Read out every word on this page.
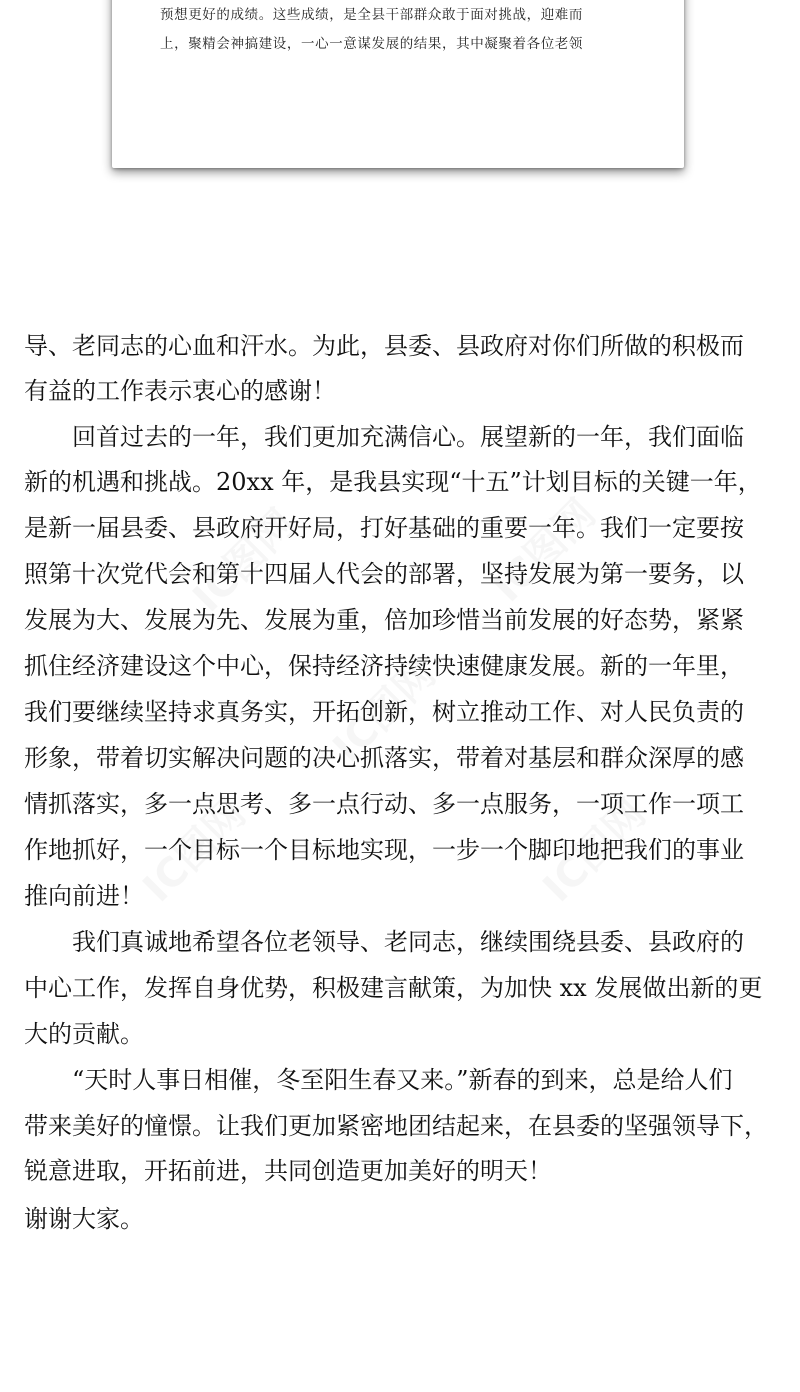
预想更好的成绩。这些成绩，是全县干部群众敢于面对挑战，迎难而
上，聚精会神搞建设，一心一意谋发展的结果，其中凝聚着各位老领
导、老同志的心血和汗水。为此，县委、县政府对你们所做的积极而
有益的工作表示衷心的感谢！
　　回首过去的一年，我们更加充满信心。展望新的一年，我们面临
新的机遇和挑战。20xx 年，是我县实现“十五”计划目标的关键一年，
是新一届县委、县政府开好局，打好基础的重要一年。我们一定要按
照第十次党代会和第十四届人代会的部署，坚持发展为第一要务，以
发展为大、发展为先、发展为重，倍加珍惜当前发展的好态势，紧紧
抓住经济建设这个中心，保持经济持续快速健康发展。新的一年里，
我们要继续坚持求真务实，开拓创新，树立推动工作、对人民负责的
形象，带着切实解决问题的决心抓落实，带着对基层和群众深厚的感
情抓落实，多一点思考、多一点行动、多一点服务，一项工作一项工
作地抓好，一个目标一个目标地实现，一步一个脚印地把我们的事业
推向前进！
　　我们真诚地希望各位老领导、老同志，继续围绕县委、县政府的
中心工作，发挥自身优势，积极建言献策，为加快 xx 发展做出新的更
大的贡献。
　　“天时人事日相催，冬至阳生春又来。”新春的到来，总是给人们
带来美好的憧憬。让我们更加紧密地团结起来，在县委的坚强领导下，
锐意进取，开拓前进，共同创造更加美好的明天！
谢谢大家。
